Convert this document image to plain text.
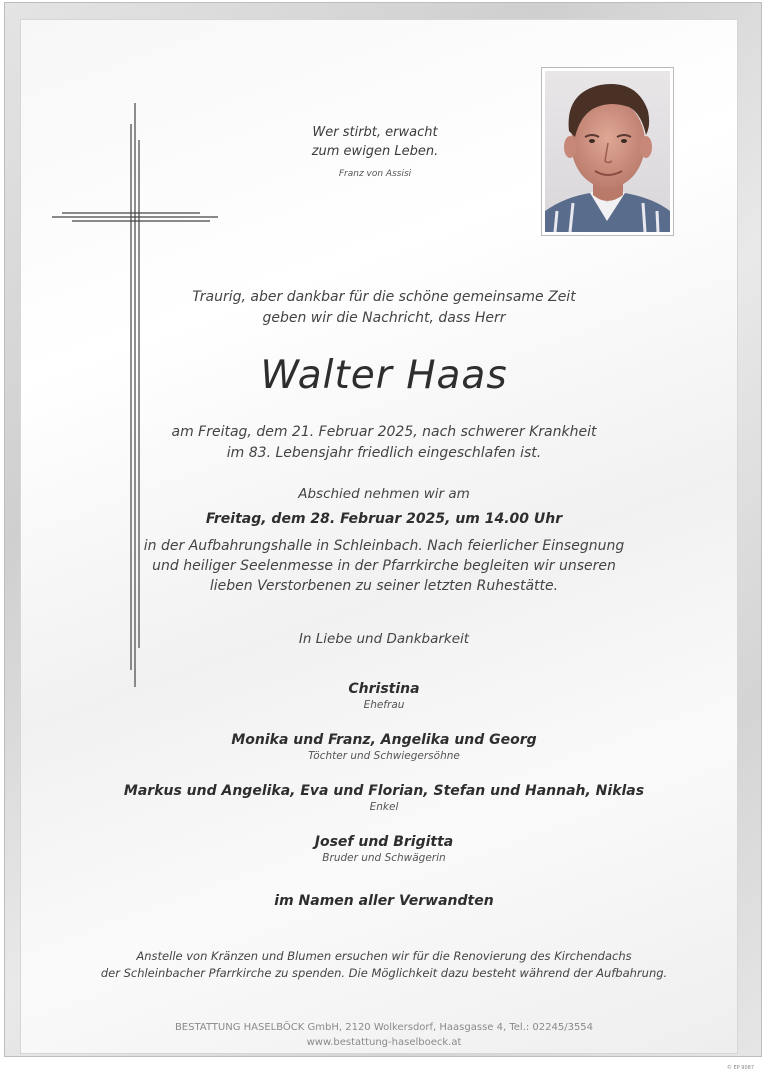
Wer stirbt, erwacht
zum ewigen Leben.
Franz von Assisi
Traurig, aber dankbar für die schöne gemeinsame Zeit
geben wir die Nachricht, dass Herr
Walter Haas
am Freitag, dem 21. Februar 2025, nach schwerer Krankheit
im 83. Lebensjahr friedlich eingeschlafen ist.
Abschied nehmen wir am
Freitag, dem 28. Februar 2025, um 14.00 Uhr
in der Aufbahrungshalle in Schleinbach. Nach feierlicher Einsegnung
und heiliger Seelenmesse in der Pfarrkirche begleiten wir unseren
lieben Verstorbenen zu seiner letzten Ruhestätte.
In Liebe und Dankbarkeit
Christina
Ehefrau
Monika und Franz, Angelika und Georg
Töchter und Schwiegersöhne
Markus und Angelika, Eva und Florian, Stefan und Hannah, Niklas
Enkel
Josef und Brigitta
Bruder und Schwägerin
im Namen aller Verwandten
Anstelle von Kränzen und Blumen ersuchen wir für die Renovierung des Kirchendachs
der Schleinbacher Pfarrkirche zu spenden. Die Möglichkeit dazu besteht während der Aufbahrung.
BESTATTUNG HASELBÖCK GmbH, 2120 Wolkersdorf, Haasgasse 4, Tel.: 02245/3554
www.bestattung-haselboeck.at
© EP 9087
